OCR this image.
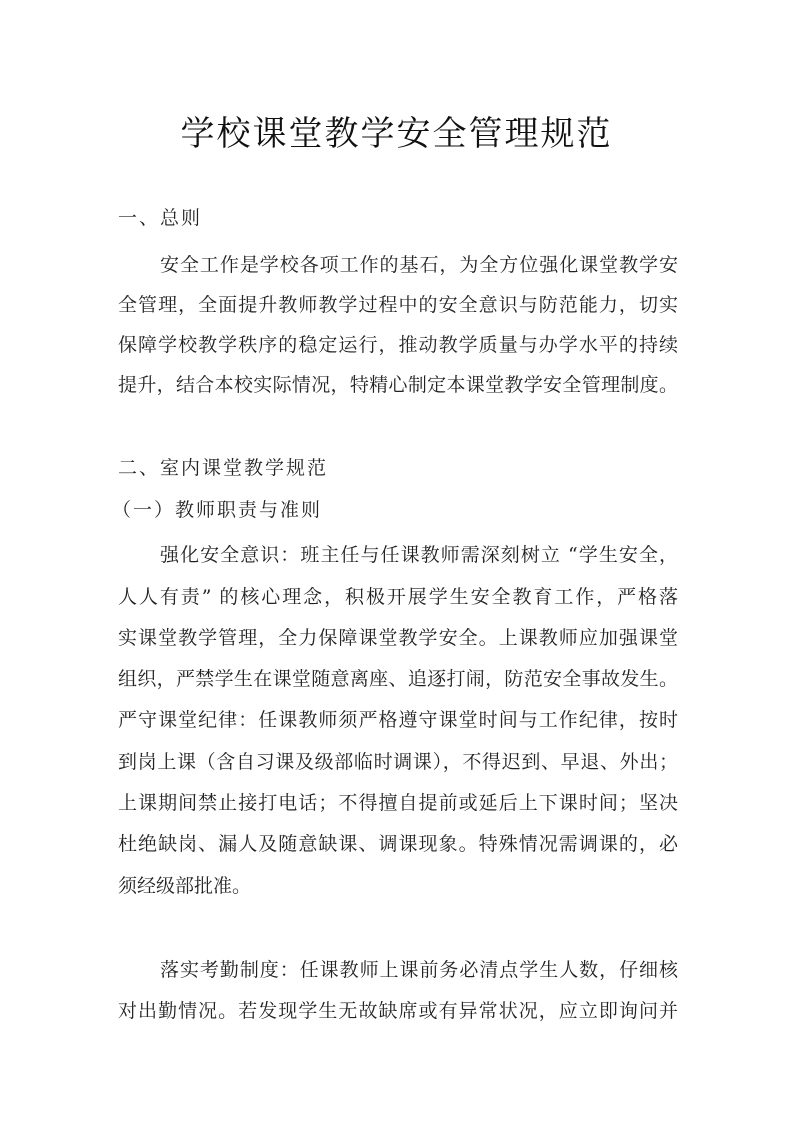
学校课堂教学安全管理规范
一、总则
安全工作是学校各项工作的基石，为全方位强化课堂教学安
全管理，全面提升教师教学过程中的安全意识与防范能力，切实
保障学校教学秩序的稳定运行，推动教学质量与办学水平的持续
提升，结合本校实际情况，特精心制定本课堂教学安全管理制度。
二、室内课堂教学规范
（一）教师职责与准则
强化安全意识：班主任与任课教师需深刻树立 “学生安全，
人人有责” 的核心理念，积极开展学生安全教育工作，严格落
实课堂教学管理，全力保障课堂教学安全。上课教师应加强课堂
组织，严禁学生在课堂随意离座、追逐打闹，防范安全事故发生。
严守课堂纪律：任课教师须严格遵守课堂时间与工作纪律，按时
到岗上课（含自习课及级部临时调课），不得迟到、早退、外出；
上课期间禁止接打电话；不得擅自提前或延后上下课时间；坚决
杜绝缺岗、漏人及随意缺课、调课现象。特殊情况需调课的，必
须经级部批准。
落实考勤制度：任课教师上课前务必清点学生人数，仔细核
对出勤情况。若发现学生无故缺席或有异常状况，应立即询问并
